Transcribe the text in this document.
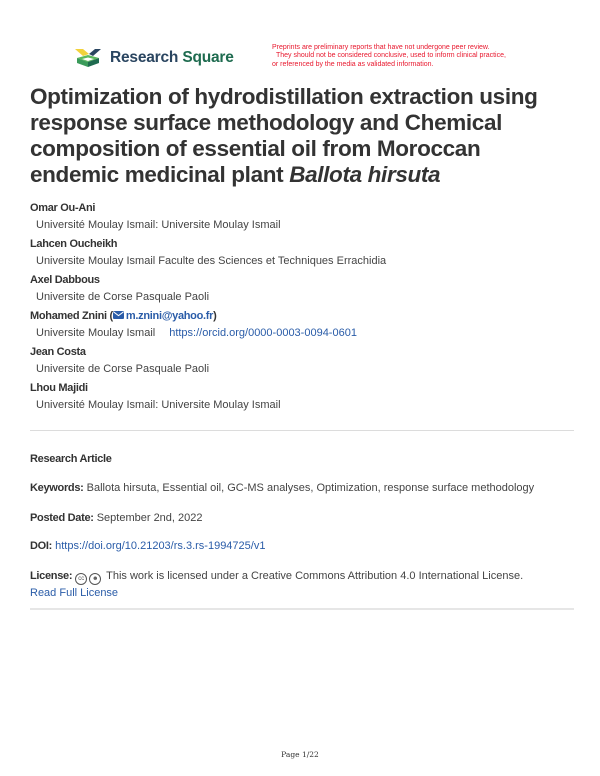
Research Square
Preprints are preliminary reports that have not undergone peer review.
They should not be considered conclusive, used to inform clinical practice,
or referenced by the media as validated information.
Optimization of hydrodistillation extraction using response surface methodology and Chemical composition of essential oil from Moroccan endemic medicinal plant Ballota hirsuta
Omar Ou-Ani
Université Moulay Ismail: Universite Moulay Ismail
Lahcen Oucheikh
Universite Moulay Ismail Faculte des Sciences et Techniques Errachidia
Axel Dabbous
Universite de Corse Pasquale Paoli
Mohamed Znini ( m.znini@yahoo.fr)
Universite Moulay Ismail https://orcid.org/0000-0003-0094-0601
Jean Costa
Universite de Corse Pasquale Paoli
Lhou Majidi
Université Moulay Ismail: Universite Moulay Ismail
Research Article
Keywords: Ballota hirsuta, Essential oil, GC-MS analyses, Optimization, response surface methodology
Posted Date: September 2nd, 2022
DOI: https://doi.org/10.21203/rs.3.rs-1994725/v1
License: cc ☻ This work is licensed under a Creative Commons Attribution 4.0 International License.
Read Full License
Page 1/22
